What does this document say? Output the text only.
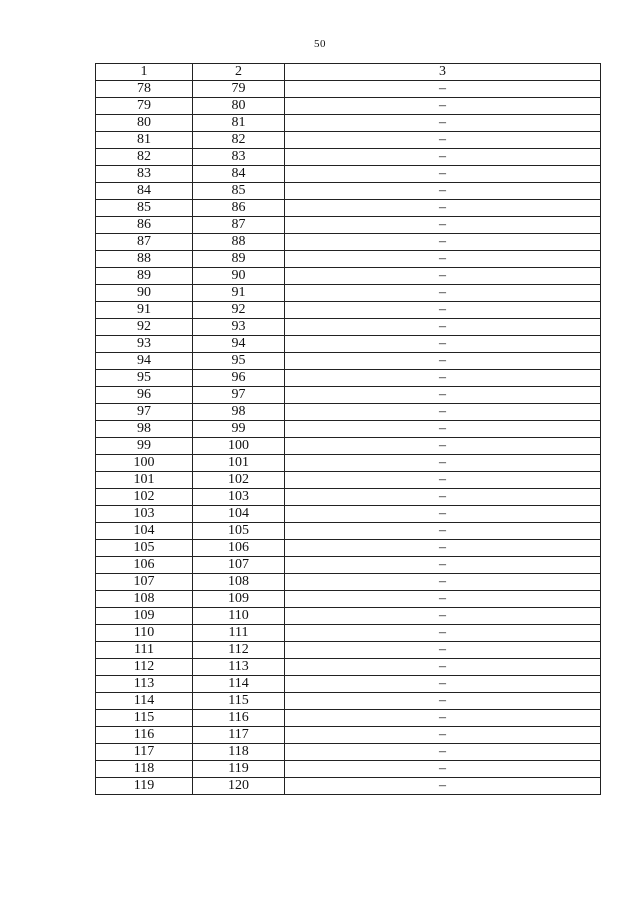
50
1	2	3
78	79	–
79	80	–
80	81	–
81	82	–
82	83	–
83	84	–
84	85	–
85	86	–
86	87	–
87	88	–
88	89	–
89	90	–
90	91	–
91	92	–
92	93	–
93	94	–
94	95	–
95	96	–
96	97	–
97	98	–
98	99	–
99	100	–
100	101	–
101	102	–
102	103	–
103	104	–
104	105	–
105	106	–
106	107	–
107	108	–
108	109	–
109	110	–
110	111	–
111	112	–
112	113	–
113	114	–
114	115	–
115	116	–
116	117	–
117	118	–
118	119	–
119	120	–
